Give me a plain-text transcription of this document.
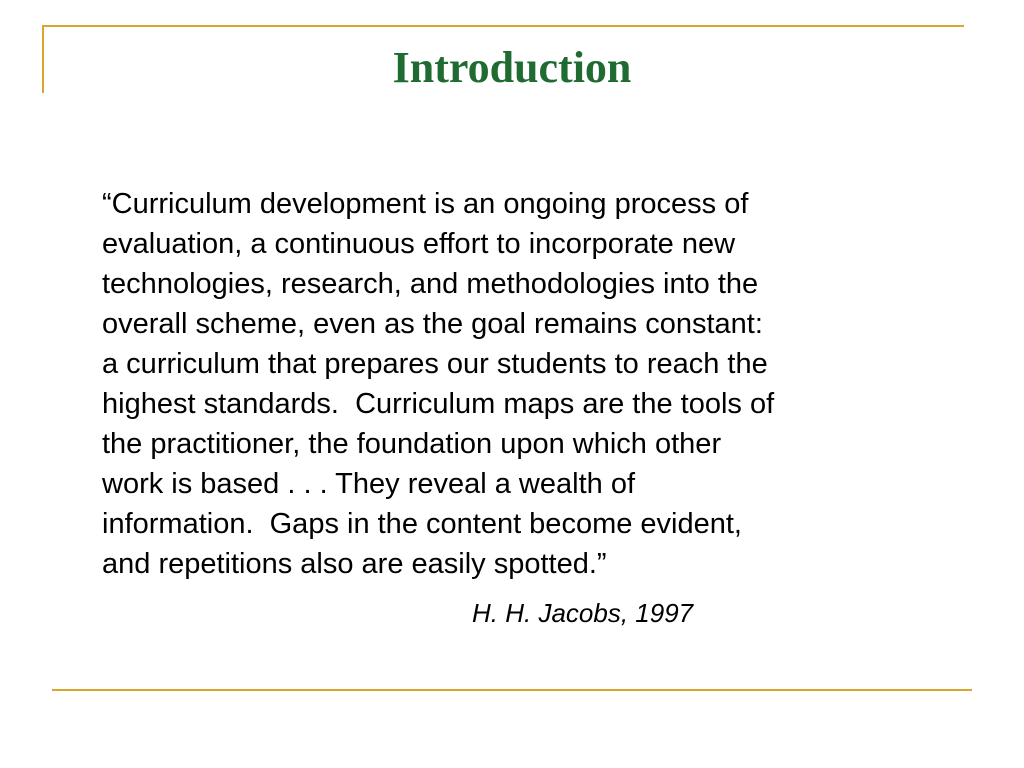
Introduction
“Curriculum development is an ongoing process of
evaluation, a continuous effort to incorporate new
technologies, research, and methodologies into the
overall scheme, even as the goal remains constant:
a curriculum that prepares our students to reach the
highest standards.  Curriculum maps are the tools of
the practitioner, the foundation upon which other
work is based . . . They reveal a wealth of
information.  Gaps in the content become evident,
and repetitions also are easily spotted.”
H. H. Jacobs, 1997
